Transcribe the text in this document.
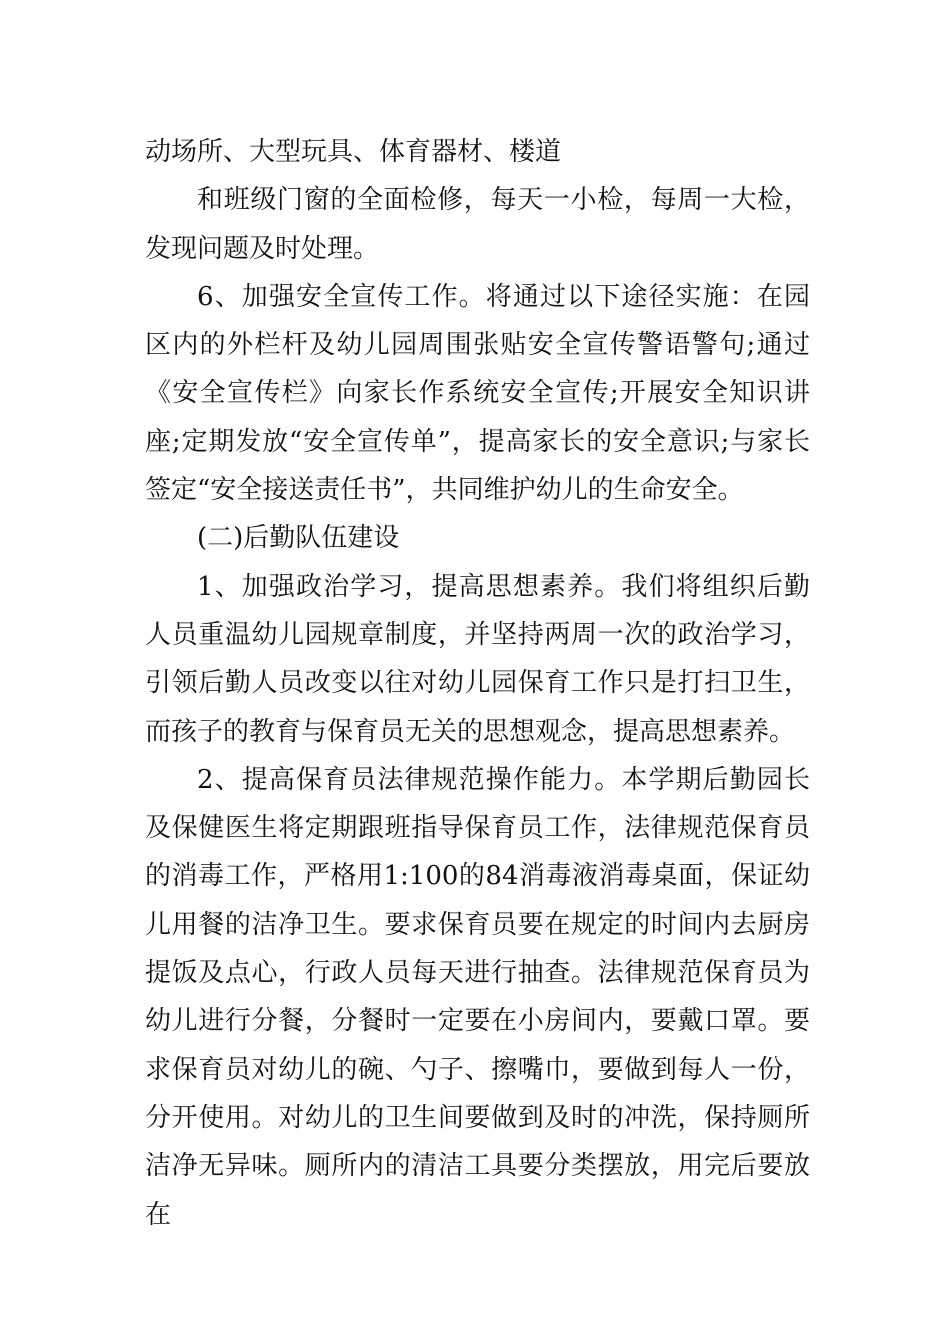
动场所、大型玩具、体育器材、楼道

和班级门窗的全面检修，每天一小检，每周一大检，发现问题及时处理。

6、加强安全宣传工作。将通过以下途径实施：在园区内的外栏杆及幼儿园周围张贴安全宣传警语警句;通过《安全宣传栏》向家长作系统安全宣传;开展安全知识讲座;定期发放“安全宣传单”，提高家长的安全意识;与家长签定“安全接送责任书”，共同维护幼儿的生命安全。

(二)后勤队伍建设

1、加强政治学习，提高思想素养。我们将组织后勤人员重温幼儿园规章制度，并坚持两周一次的政治学习，引领后勤人员改变以往对幼儿园保育工作只是打扫卫生，而孩子的教育与保育员无关的思想观念，提高思想素养。

2、提高保育员法律规范操作能力。本学期后勤园长及保健医生将定期跟班指导保育员工作，法律规范保育员的消毒工作，严格用1:100的84消毒液消毒桌面，保证幼儿用餐的洁净卫生。要求保育员要在规定的时间内去厨房提饭及点心，行政人员每天进行抽查。法律规范保育员为幼儿进行分餐，分餐时一定要在小房间内，要戴口罩。要求保育员对幼儿的碗、勺子、擦嘴巾，要做到每人一份，分开使用。对幼儿的卫生间要做到及时的冲洗，保持厕所洁净无异味。厕所内的清洁工具要分类摆放，用完后要放在
